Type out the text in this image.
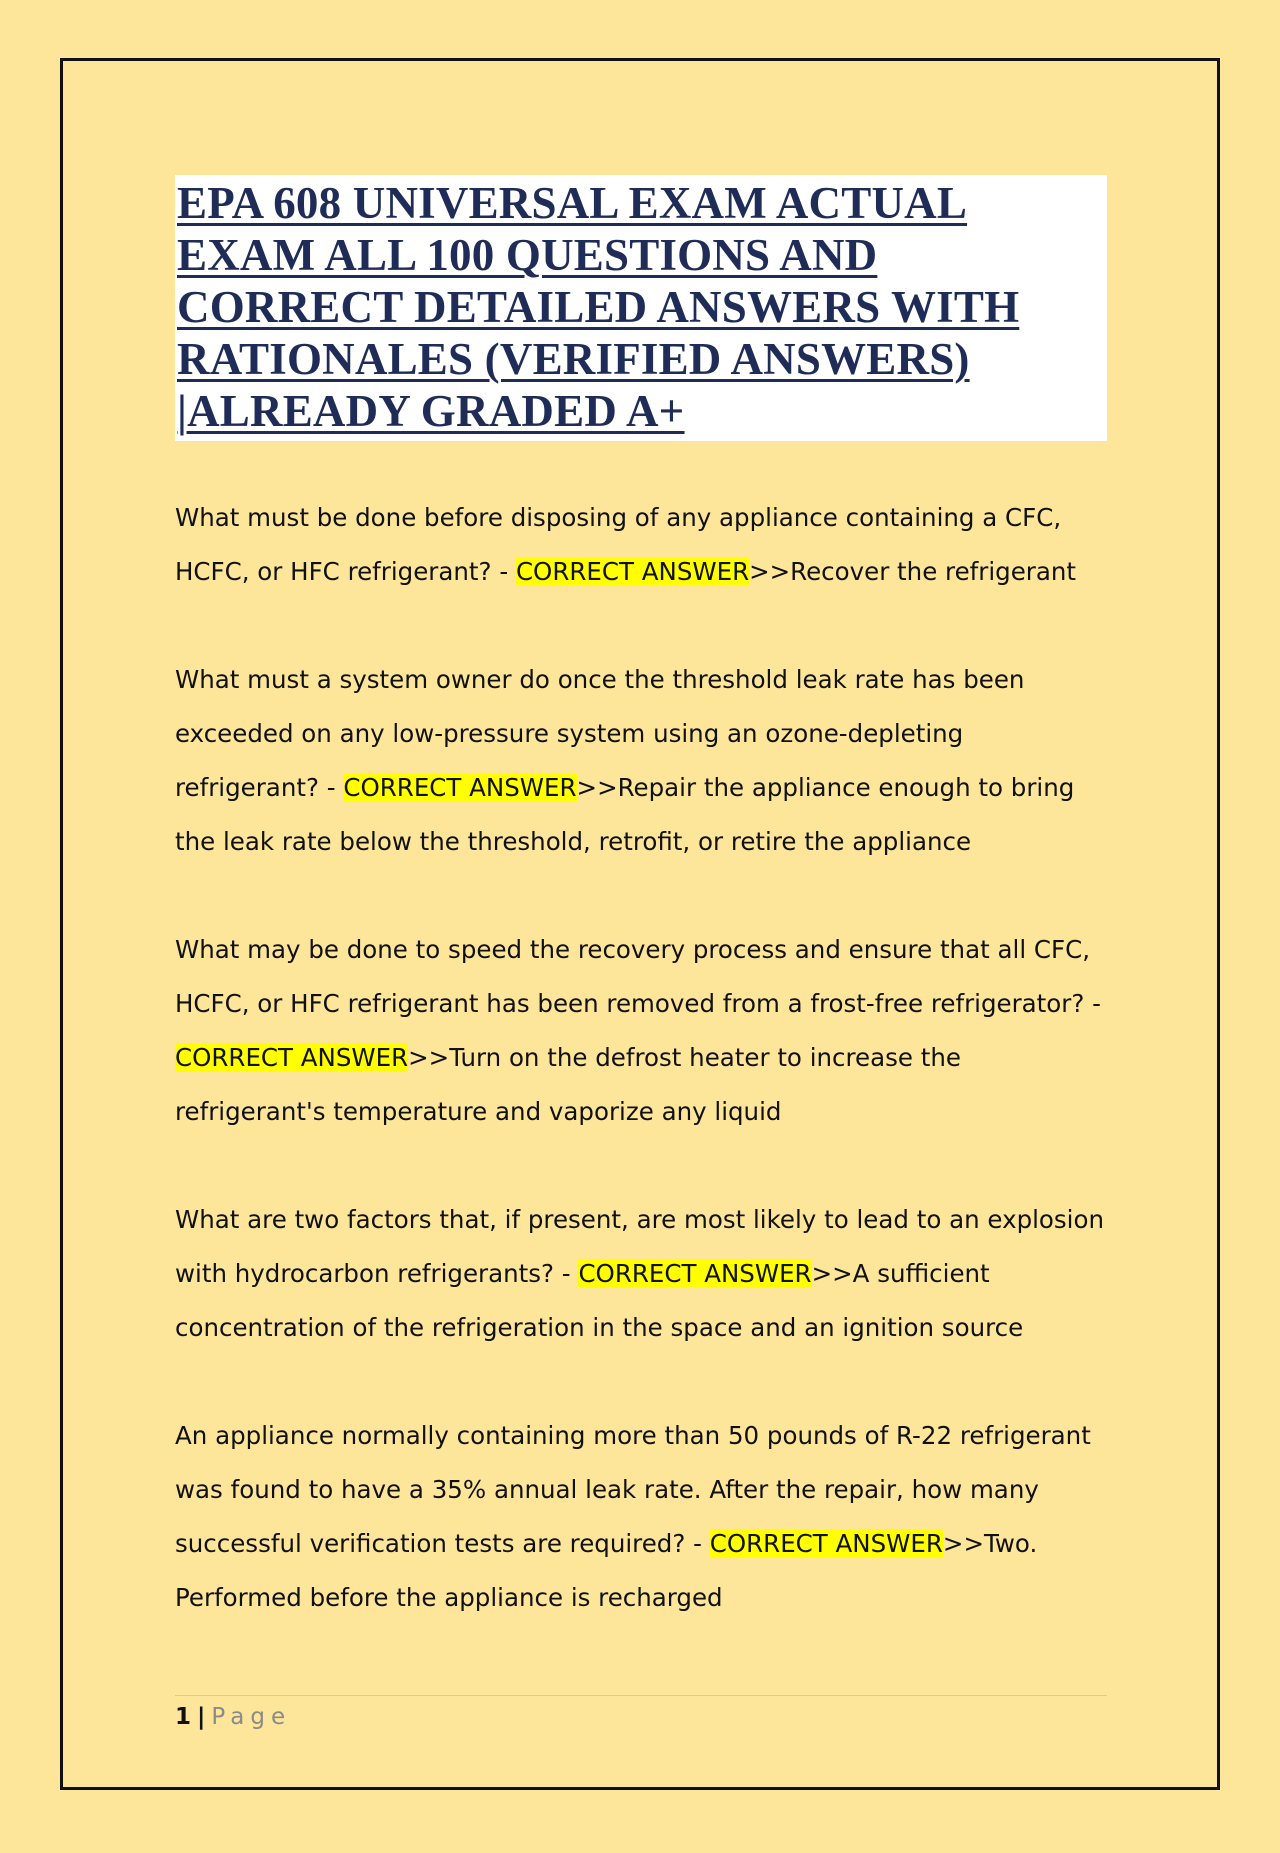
EPA 608 UNIVERSAL EXAM ACTUAL EXAM ALL 100 QUESTIONS AND CORRECT DETAILED ANSWERS WITH RATIONALES (VERIFIED ANSWERS) |ALREADY GRADED A+

What must be done before disposing of any appliance containing a CFC, HCFC, or HFC refrigerant? - CORRECT ANSWER>>Recover the refrigerant

What must a system owner do once the threshold leak rate has been exceeded on any low-pressure system using an ozone-depleting refrigerant? - CORRECT ANSWER>>Repair the appliance enough to bring the leak rate below the threshold, retrofit, or retire the appliance

What may be done to speed the recovery process and ensure that all CFC, HCFC, or HFC refrigerant has been removed from a frost-free refrigerator? - CORRECT ANSWER>>Turn on the defrost heater to increase the refrigerant's temperature and vaporize any liquid

What are two factors that, if present, are most likely to lead to an explosion with hydrocarbon refrigerants? - CORRECT ANSWER>>A sufficient concentration of the refrigeration in the space and an ignition source

An appliance normally containing more than 50 pounds of R-22 refrigerant was found to have a 35% annual leak rate. After the repair, how many successful verification tests are required? - CORRECT ANSWER>>Two. Performed before the appliance is recharged

1 | Page
